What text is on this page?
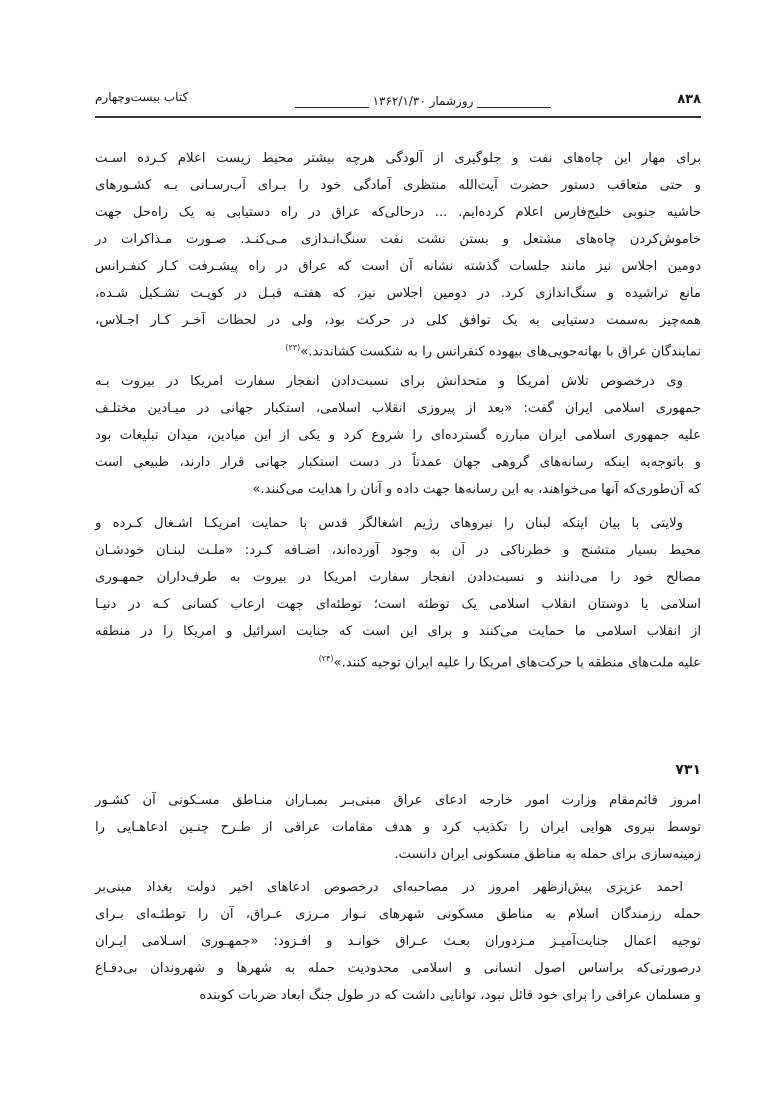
۸۳۸
روزشمار ۱۳۶۲/۱/۳۰
کتاب بیست‌وچهارم
برای مهار این چاه‌های نفت و جلوگیری از آلودگی هرچه بیشتر محیط زیست اعلام کـرده اسـت
و حتی متعاقب دستور حضرت آیت‌الله منتظری آمادگی خود را بـرای آب‌رسـانی بـه کشـورهای
حاشیه جنوبی خلیج‌فارس اعلام کرده‌ایم. ... درحالی‌که عراق در راه دستیابی به یک راه‌حل جهت
خاموش‌کردن چاه‌های مشتعل و بستن نشت نفت سنگ‌انـدازی مـی‌کنـد. صـورت مـذاکرات در
دومین اجلاس نیز مانند جلسات گذشته نشانه آن است که عراق در راه پیشـرفت کـار کنفـرانس
مانع تراشیده و سنگ‌اندازی کرد. در دومین اجلاس نیز، که هفتـه قبـل در کویـت تشـکیل شـده،
همه‌چیز به‌سمت دستیابی به یک توافق کلی در حرکت بود، ولی در لحظات آخـر کـار اجـلاس،
نمایندگان عراق با بهانه‌جویی‌های بیهوده کنفرانس را به شکست کشاندند.»$^{(۲۳)}$
وی درخصوص تلاش امریکا و متحدانش برای نسبت‌دادن انفجار سفارت امریکا در بیروت بـه
جمهوری اسلامی ایران گفت: «بعد از پیروزی انقلاب اسلامی، استکبار جهانی در میـادین مختلـف
علیه جمهوری اسلامی ایران مبارزه گسترده‌ای را شروع کرد و یکی از این میادین، میدان تبلیغات بود
و باتوجه‌به اینکه رسانه‌های گروهی جهان عمدتاً در دست استکبار جهانی قرار دارند، طبیعی است
که آن‌طوری‌که آنها می‌خواهند، به این رسانه‌ها جهت داده و آنان را هدایت می‌کنند.»
ولایتی با بیان اینکه لبنان را نیروهای رژیم اشغالگر قدس با حمایت امریکـا اشـغال کـرده و
محیط بسیار متشنج و خطرناکی در آن به وجود آورده‌اند، اضـافه کـرد: «ملـت لبنـان خودشـان
مصالح خود را می‌دانند و نسبت‌دادن انفجار سفارت امریکا در بیروت به طرف‌داران جمهـوری
اسلامی یا دوستان انقلاب اسلامی یک توطئه است؛ توطئه‌ای جهت ارعاب کسانی کـه در دنیـا
از انقلاب اسلامی ما حمایت می‌کنند و برای این است که جنایت اسرائیل و امریکا را در منطقه
علیه ملت‌های منطقه یا حرکت‌های امریکا را علیه ایران توجیه کنند.»$^{(۲۴)}$
۷۳۱
امروز قائم‌مقام وزارت امور خارجه ادعای عراق مبنی‌بـر بمبـاران منـاطق مسـکونی آن کشـور
توسط نیروی هوایی ایران را تکذیب کرد و هدف مقامات عراقی از طـرح چنـین ادعاهـایی را
زمینه‌سازی برای حمله به مناطق مسکونی ایران دانست.
احمد عزیزی پیش‌ازظهر امروز در مصاحبه‌ای درخصوص ادعاهای اخیر دولت بغداد مبنی‌بر
حمله رزمندگان اسلام به مناطق مسکونی شهرهای نـوار مـرزی عـراق، آن را توطئـه‌ای بـرای
توجیه اعمال جنایت‌آمیـز مـزدوران بعـث عـراق خوانـد و افـزود: «جمهـوری اسـلامی ایـران
درصورتی‌که براساس اصول انسانی و اسلامی محدودیت حمله به شهرها و شهروندان بی‌دفـاع
و مسلمان عراقی را برای خود قائل نبود، توانایی داشت که در طول جنگ ابعاد ضربات کوبنده
